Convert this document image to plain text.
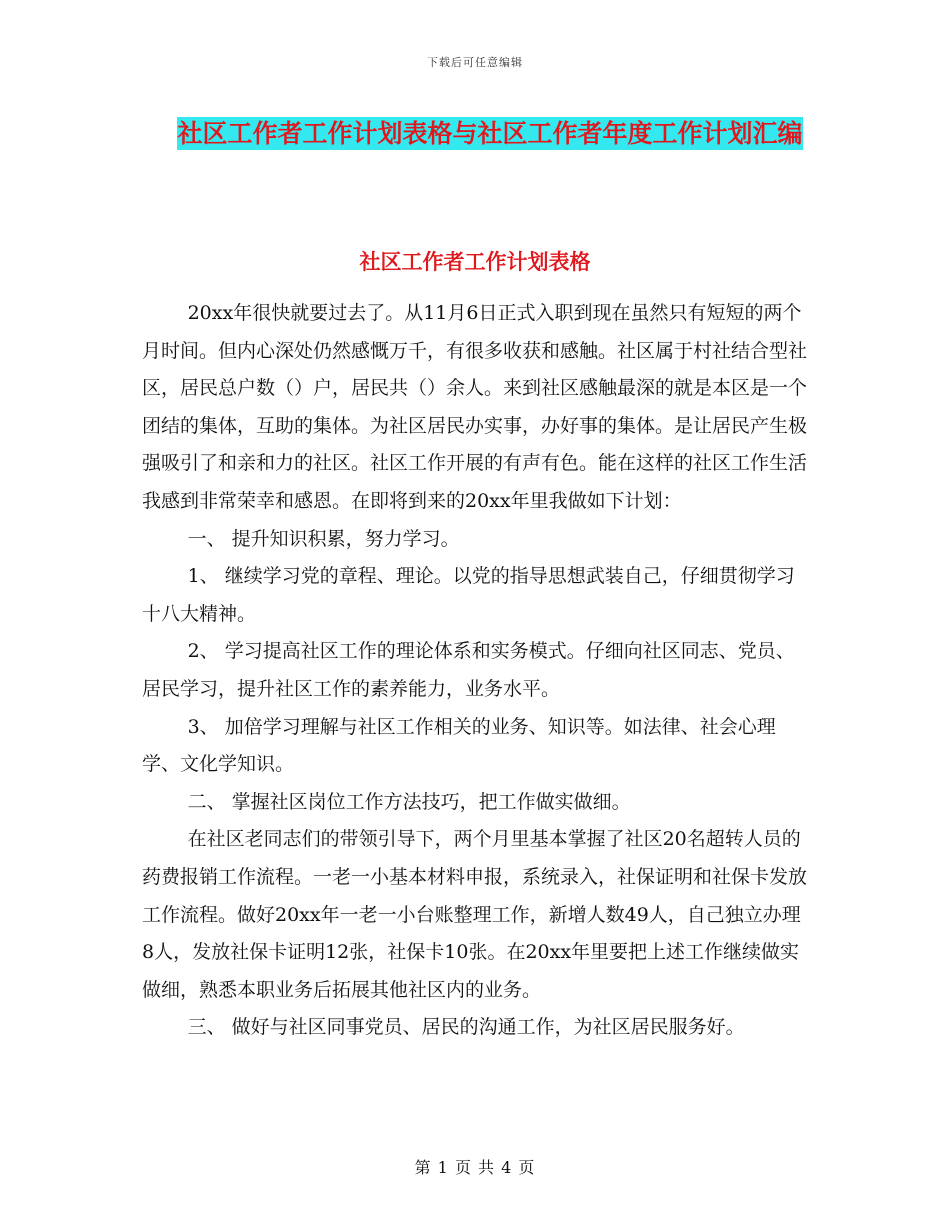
下载后可任意编辑
社区工作者工作计划表格与社区工作者年度工作计划汇编
社区工作者工作计划表格

20xx年很快就要过去了。从11月6日正式入职到现在虽然只有短短的两个月时间。但内心深处仍然感慨万千，有很多收获和感触。社区属于村社结合型社区，居民总户数（）户，居民共（）余人。来到社区感触最深的就是本区是一个团结的集体，互助的集体。为社区居民办实事，办好事的集体。是让居民产生极强吸引了和亲和力的社区。社区工作开展的有声有色。能在这样的社区工作生活我感到非常荣幸和感恩。在即将到来的20xx年里我做如下计划：

一、 提升知识积累，努力学习。

1、 继续学习党的章程、理论。以党的指导思想武装自己，仔细贯彻学习十八大精神。

2、 学习提高社区工作的理论体系和实务模式。仔细向社区同志、党员、居民学习，提升社区工作的素养能力，业务水平。

3、 加倍学习理解与社区工作相关的业务、知识等。如法律、社会心理学、文化学知识。

二、 掌握社区岗位工作方法技巧，把工作做实做细。

在社区老同志们的带领引导下，两个月里基本掌握了社区20名超转人员的药费报销工作流程。一老一小基本材料申报，系统录入，社保证明和社保卡发放工作流程。做好20xx年一老一小台账整理工作，新增人数49人，自己独立办理8人，发放社保卡证明12张，社保卡10张。在20xx年里要把上述工作继续做实做细，熟悉本职业务后拓展其他社区内的业务。

三、 做好与社区同事党员、居民的沟通工作，为社区居民服务好。

第 1 页 共 4 页
